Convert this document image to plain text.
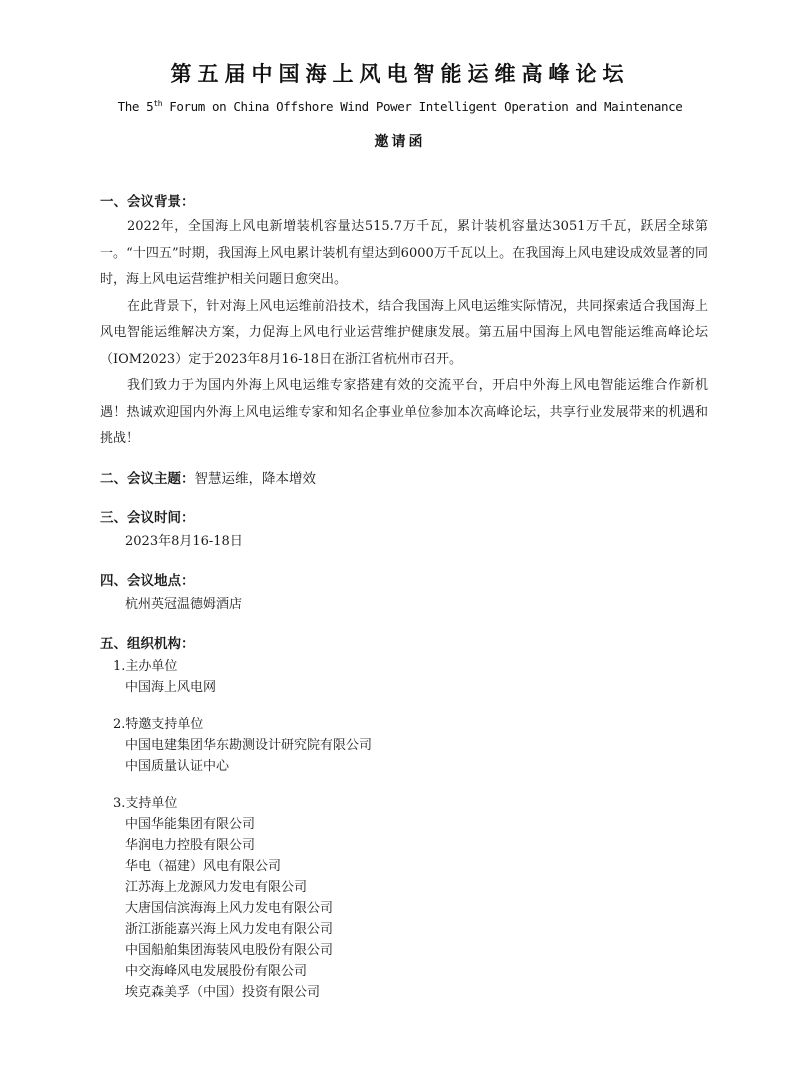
第五届中国海上风电智能运维高峰论坛
The 5th Forum on China Offshore Wind Power Intelligent Operation and Maintenance
邀请函
一、会议背景：

2022年，全国海上风电新增装机容量达515.7万千瓦，累计装机容量达3051万千瓦，跃居全球第一。“十四五”时期，我国海上风电累计装机有望达到6000万千瓦以上。在我国海上风电建设成效显著的同时，海上风电运营维护相关问题日愈突出。

在此背景下，针对海上风电运维前沿技术，结合我国海上风电运维实际情况，共同探索适合我国海上风电智能运维解决方案，力促海上风电行业运营维护健康发展。第五届中国海上风电智能运维高峰论坛（IOM2023）定于2023年8月16-18日在浙江省杭州市召开。

我们致力于为国内外海上风电运维专家搭建有效的交流平台，开启中外海上风电智能运维合作新机遇！热诚欢迎国内外海上风电运维专家和知名企事业单位参加本次高峰论坛，共享行业发展带来的机遇和挑战！

二、会议主题：智慧运维，降本增效
三、会议时间：
2023年8月16-18日
四、会议地点：
杭州英冠温德姆酒店
五、组织机构：
1.主办单位
中国海上风电网
2.特邀支持单位
中国电建集团华东勘测设计研究院有限公司
中国质量认证中心
3.支持单位
中国华能集团有限公司
华润电力控股有限公司
华电（福建）风电有限公司
江苏海上龙源风力发电有限公司
大唐国信滨海海上风力发电有限公司
浙江浙能嘉兴海上风力发电有限公司
中国船舶集团海装风电股份有限公司
中交海峰风电发展股份有限公司
埃克森美孚（中国）投资有限公司
